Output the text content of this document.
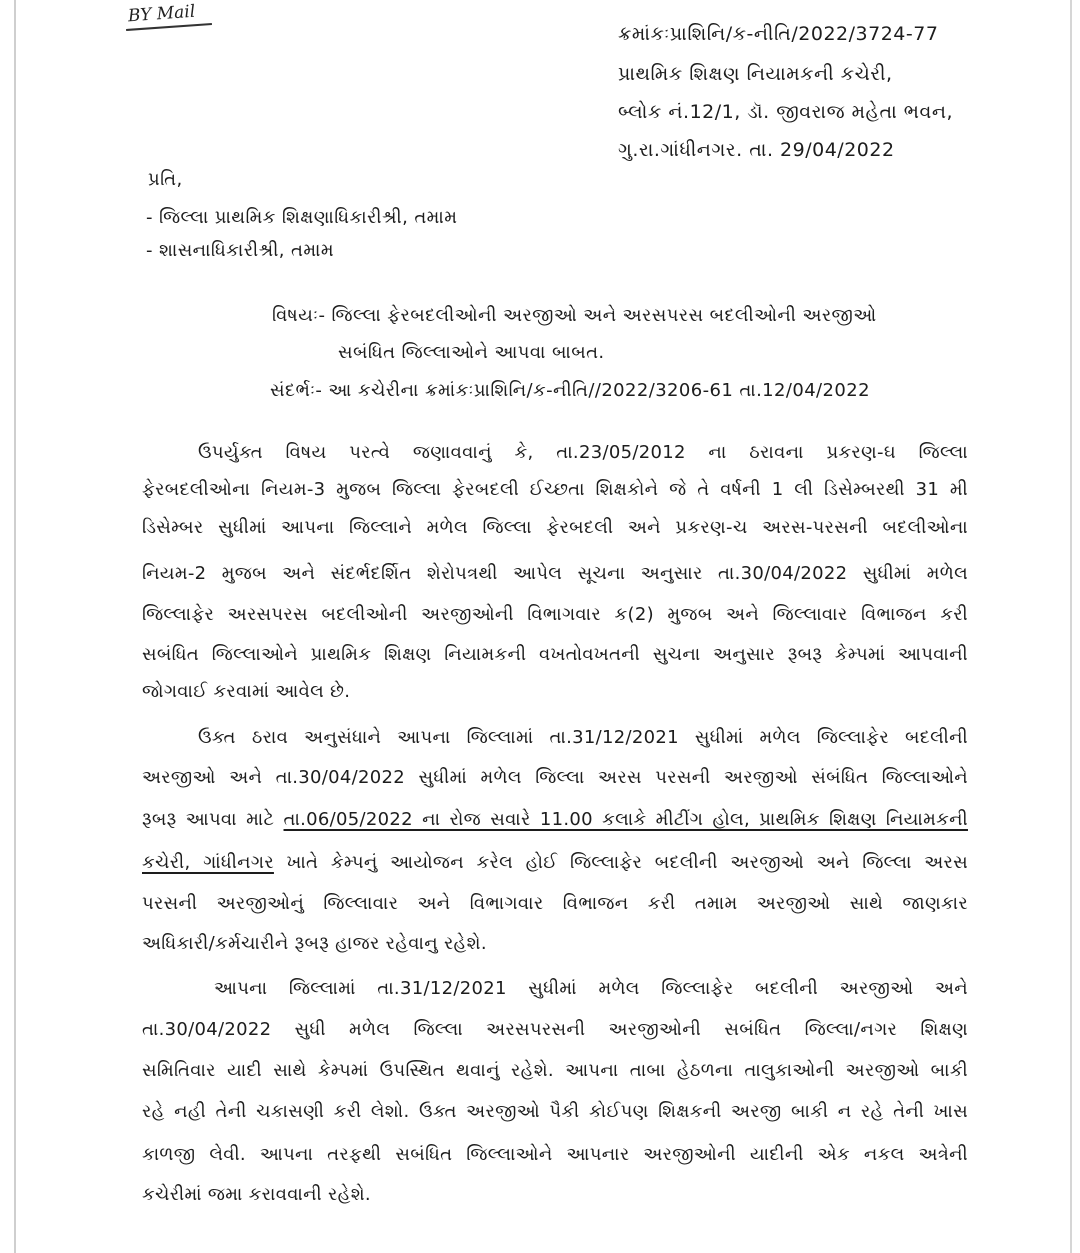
BY Mail
ક્રમાંકઃપ્રાશિનિ/ક-નીતિ/2022/3724-77
પ્રાથમિક શિક્ષણ નિયામકની કચેરી,
બ્લોક નં.12/1, ડૉ. જીવરાજ મહેતા ભવન,
ગુ.રા.ગાંધીનગર. તા. 29/04/2022
પ્રતિ,
- જિલ્લા પ્રાથમિક શિક્ષણાધિકારીશ્રી, તમામ
- શાસનાધિકારીશ્રી, તમામ
વિષયઃ- જિલ્લા ફેરબદલીઓની અરજીઓ અને અરસપરસ બદલીઓની અરજીઓ
સબંધિત જિલ્લાઓને આપવા બાબત.
સંદર્ભઃ- આ કચેરીના ક્રમાંકઃપ્રાશિનિ/ક-નીતિ//2022/3206-61 તા.12/04/2022
ઉપર્યુક્ત વિષય પરત્વે જણાવવાનું કે, તા.23/05/2012 ના ઠરાવના પ્રકરણ-ઘ જિલ્લા
ફેરબદલીઓના નિયમ-3 મુજબ જિલ્લા ફેરબદલી ઈચ્છતા શિક્ષકોને જે તે વર્ષની 1 લી ડિસેમ્બરથી 31 મી
ડિસેમ્બર સુધીમાં આપના જિલ્લાને મળેલ જિલ્લા ફેરબદલી અને પ્રકરણ-ચ અરસ-પરસની બદલીઓના
નિયમ-2 મુજબ અને સંદર્ભદર્શિત શેરોપત્રથી આપેલ સૂચના અનુસાર તા.30/04/2022 સુધીમાં મળેલ
જિલ્લાફેર અરસપરસ બદલીઓની અરજીઓની વિભાગવાર ક(2) મુજબ અને જિલ્લાવાર વિભાજન કરી
સબંધિત જિલ્લાઓને પ્રાથમિક શિક્ષણ નિયામકની વખતોવખતની સુચના અનુસાર રૂબરૂ કેમ્પમાં આપવાની
જોગવાઈ કરવામાં આવેલ છે.
ઉક્ત ઠરાવ અનુસંધાને આપના જિલ્લામાં તા.31/12/2021 સુધીમાં મળેલ જિલ્લાફેર બદલીની
અરજીઓ અને તા.30/04/2022 સુધીમાં મળેલ જિલ્લા અરસ પરસની અરજીઓ સંબંધિત જિલ્લાઓને
રૂબરૂ આપવા માટે તા.06/05/2022 ના રોજ સવારે 11.00 કલાકે મીટીંગ હોલ, પ્રાથમિક શિક્ષણ નિયામકની
કચેરી, ગાંધીનગર ખાતે કેમ્પનું આયોજન કરેલ હોઈ જિલ્લાફેર બદલીની અરજીઓ અને જિલ્લા અરસ
પરસની અરજીઓનું જિલ્લાવાર અને વિભાગવાર વિભાજન કરી તમામ અરજીઓ સાથે જાણકાર
અધિકારી/કર્મચારીને રૂબરૂ હાજર રહેવાનુ રહેશે.
આપના જિલ્લામાં તા.31/12/2021 સુધીમાં મળેલ જિલ્લાફેર બદલીની અરજીઓ અને
તા.30/04/2022 સુધી મળેલ જિલ્લા અરસપરસની અરજીઓની સબંધિત જિલ્લા/નગર શિક્ષણ
સમિતિવાર યાદી સાથે કેમ્પમાં ઉપસ્થિત થવાનું રહેશે. આપના તાબા હેઠળના તાલુકાઓની અરજીઓ બાકી
રહે નહી તેની ચકાસણી કરી લેશો. ઉક્ત અરજીઓ પૈકી કોઈપણ શિક્ષકની અરજી બાકી ન રહે તેની ખાસ
કાળજી લેવી. આપના તરફથી સબંધિત જિલ્લાઓને આપનાર અરજીઓની યાદીની એક નકલ અત્રેની
કચેરીમાં જમા કરાવવાની રહેશે.
